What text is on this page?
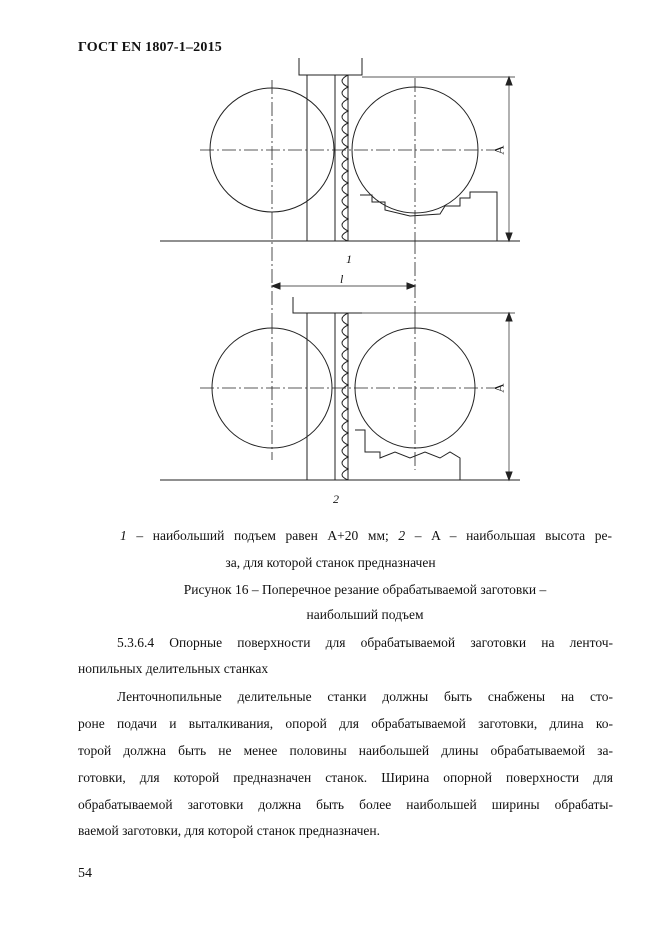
ГОСТ EN 1807-1–2015
A
A
l
1
2
1 – наибольший подъем равен A+20 мм; 2 – A – наибольшая высота ре-
за, для которой станок предназначен
Рисунок 16 – Поперечное резание обрабатываемой заготовки –
наибольший подъем
5.3.6.4 Опорные поверхности для обрабатываемой заготовки на ленточ-
нопильных делительных станках
Ленточнопильные делительные станки должны быть снабжены на сто-
роне подачи и выталкивания, опорой для обрабатываемой заготовки, длина ко-
торой должна быть не менее половины наибольшей длины обрабатываемой за-
готовки, для которой предназначен станок. Ширина опорной поверхности для
обрабатываемой заготовки должна быть более наибольшей ширины обрабаты-
ваемой заготовки, для которой станок предназначен.
54
